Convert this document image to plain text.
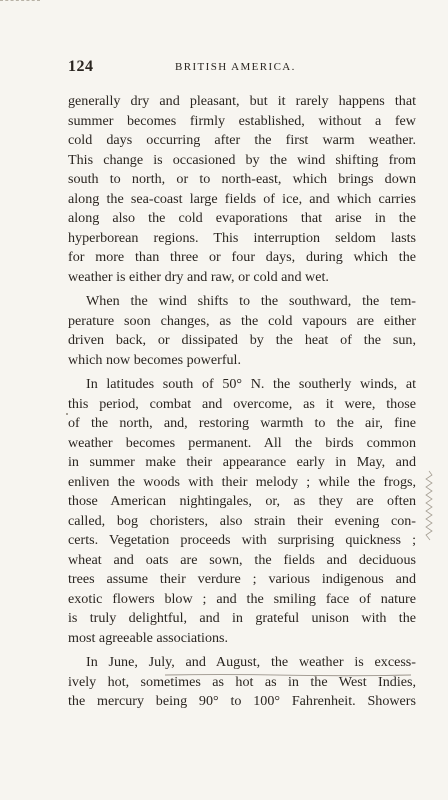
124	BRITISH AMERICA.
generally dry and pleasant, but it rarely happens that
summer becomes firmly established, without a few
cold days occurring after the first warm weather.
This change is occasioned by the wind shifting from
south to north, or to north-east, which brings down
along the sea-coast large fields of ice, and which carries
along also the cold evaporations that arise in the
hyperborean regions. This interruption seldom lasts
for more than three or four days, during which the
weather is either dry and raw, or cold and wet.
When the wind shifts to the southward, the tem-
perature soon changes, as the cold vapours are either
driven back, or dissipated by the heat of the sun,
which now becomes powerful.
In latitudes south of 50° N. the southerly winds, at
this period, combat and overcome, as it were, those
of the north, and, restoring warmth to the air, fine
weather becomes permanent. All the birds common
in summer make their appearance early in May, and
enliven the woods with their melody ; while the frogs,
those American nightingales, or, as they are often
called, bog choristers, also strain their evening con-
certs. Vegetation proceeds with surprising quickness ;
wheat and oats are sown, the fields and deciduous
trees assume their verdure ; various indigenous and
exotic flowers blow ; and the smiling face of nature
is truly delightful, and in grateful unison with the
most agreeable associations.
In June, July, and August, the weather is excess-
ively hot, sometimes as hot as in the West Indies,
the mercury being 90° to 100° Fahrenheit. Showers
